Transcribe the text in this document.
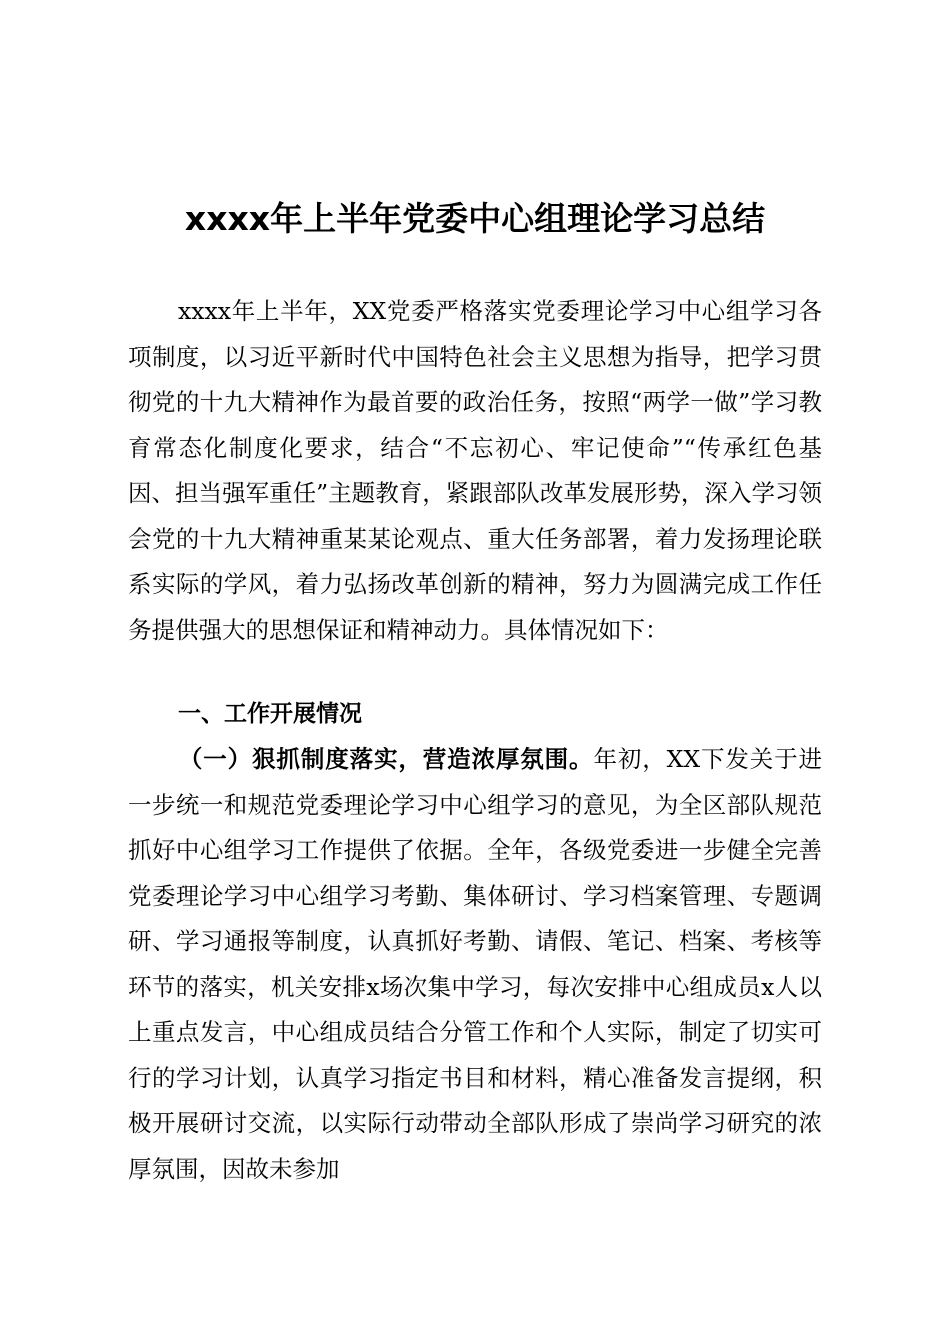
xxxx年上半年党委中心组理论学习总结

xxxx年上半年，XX党委严格落实党委理论学习中心组学习各项制度，以习近平新时代中国特色社会主义思想为指导，把学习贯彻党的十九大精神作为最首要的政治任务，按照“两学一做”学习教育常态化制度化要求，结合“不忘初心、牢记使命”“传承红色基因、担当强军重任”主题教育，紧跟部队改革发展形势，深入学习领会党的十九大精神重某某论观点、重大任务部署，着力发扬理论联系实际的学风，着力弘扬改革创新的精神，努力为圆满完成工作任务提供强大的思想保证和精神动力。具体情况如下：

一、工作开展情况

（一）狠抓制度落实，营造浓厚氛围。年初，XX下发关于进一步统一和规范党委理论学习中心组学习的意见，为全区部队规范抓好中心组学习工作提供了依据。全年，各级党委进一步健全完善党委理论学习中心组学习考勤、集体研讨、学习档案管理、专题调研、学习通报等制度，认真抓好考勤、请假、笔记、档案、考核等环节的落实，机关安排x场次集中学习，每次安排中心组成员x人以上重点发言，中心组成员结合分管工作和个人实际，制定了切实可行的学习计划，认真学习指定书目和材料，精心准备发言提纲，积极开展研讨交流，以实际行动带动全部队形成了崇尚学习研究的浓厚氛围，因故未参加
